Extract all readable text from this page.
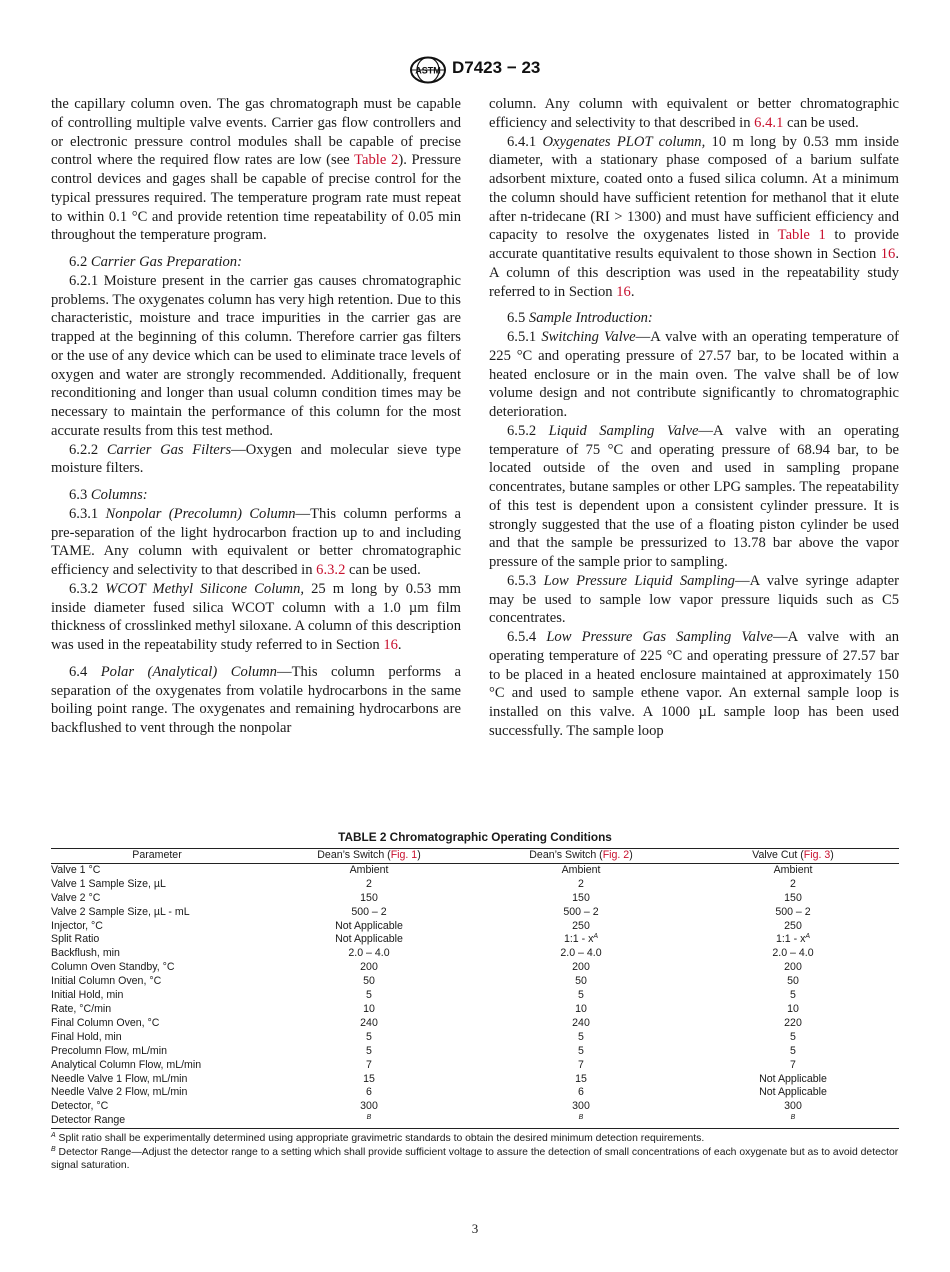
ASTM D7423 − 23

the capillary column oven. The gas chromatograph must be capable of controlling multiple valve events. Carrier gas flow controllers and or electronic pressure control modules shall be capable of precise control where the required flow rates are low (see Table 2). Pressure control devices and gages shall be capable of precise control for the typical pressures required. The temperature program rate must repeat to within 0.1 °C and provide retention time repeatability of 0.05 min throughout the temperature program.

6.2 Carrier Gas Preparation:

6.2.1 Moisture present in the carrier gas causes chromatographic problems. The oxygenates column has very high retention. Due to this characteristic, moisture and trace impurities in the carrier gas are trapped at the beginning of this column. Therefore carrier gas filters or the use of any device which can be used to eliminate trace levels of oxygen and water are strongly recommended. Additionally, frequent reconditioning and longer than usual column condition times may be necessary to maintain the performance of this column for the most accurate results from this test method.

6.2.2 Carrier Gas Filters—Oxygen and molecular sieve type moisture filters.

6.3 Columns:

6.3.1 Nonpolar (Precolumn) Column—This column performs a pre-separation of the light hydrocarbon fraction up to and including TAME. Any column with equivalent or better chromatographic efficiency and selectivity to that described in 6.3.2 can be used.

6.3.2 WCOT Methyl Silicone Column, 25 m long by 0.53 mm inside diameter fused silica WCOT column with a 1.0 µm film thickness of crosslinked methyl siloxane. A column of this description was used in the repeatability study referred to in Section 16.

6.4 Polar (Analytical) Column—This column performs a separation of the oxygenates from volatile hydrocarbons in the same boiling point range. The oxygenates and remaining hydrocarbons are backflushed to vent through the nonpolar

column. Any column with equivalent or better chromatographic efficiency and selectivity to that described in 6.4.1 can be used.

6.4.1 Oxygenates PLOT column, 10 m long by 0.53 mm inside diameter, with a stationary phase composed of a barium sulfate adsorbent mixture, coated onto a fused silica column. At a minimum the column should have sufficient retention for methanol that it elute after n-tridecane (RI > 1300) and must have sufficient efficiency and capacity to resolve the oxygenates listed in Table 1 to provide accurate quantitative results equivalent to those shown in Section 16. A column of this description was used in the repeatability study referred to in Section 16.

6.5 Sample Introduction:

6.5.1 Switching Valve—A valve with an operating temperature of 225 °C and operating pressure of 27.57 bar, to be located within a heated enclosure or in the main oven. The valve shall be of low volume design and not contribute significantly to chromatographic deterioration.

6.5.2 Liquid Sampling Valve—A valve with an operating temperature of 75 °C and operating pressure of 68.94 bar, to be located outside of the oven and used in sampling propane concentrates, butane samples or other LPG samples. The repeatability of this test is dependent upon a consistent cylinder pressure. It is strongly suggested that the use of a floating piston cylinder be used and that the sample be pressurized to 13.78 bar above the vapor pressure of the sample prior to sampling.

6.5.3 Low Pressure Liquid Sampling—A valve syringe adapter may be used to sample low vapor pressure liquids such as C5 concentrates.

6.5.4 Low Pressure Gas Sampling Valve—A valve with an operating temperature of 225 °C and operating pressure of 27.57 bar to be placed in a heated enclosure maintained at approximately 150 °C and used to sample ethene vapor. An external sample loop is installed on this valve. A 1000 µL sample loop has been used successfully. The sample loop

TABLE 2 Chromatographic Operating Conditions
Parameter	Dean’s Switch (Fig. 1)	Dean’s Switch (Fig. 2)	Valve Cut (Fig. 3)
Valve 1 °C	Ambient	Ambient	Ambient
Valve 1 Sample Size, µL	2	2	2
Valve 2 °C	150	150	150
Valve 2 Sample Size, µL - mL	500 – 2	500 – 2	500 – 2
Injector, °C	Not Applicable	250	250
Split Ratio	Not Applicable	1:1 - $x^A$	1:1 - $x^A$
Backflush, min	2.0 – 4.0	2.0 – 4.0	2.0 – 4.0
Column Oven Standby, °C	200	200	200
Initial Column Oven, °C	50	50	50
Initial Hold, min	5	5	5
Rate, °C/min	10	10	10
Final Column Oven, °C	240	240	220
Final Hold, min	5	5	5
Precolumn Flow, mL/min	5	5	5
Analytical Column Flow, mL/min	7	7	7
Needle Valve 1 Flow, mL/min	15	15	Not Applicable
Needle Valve 2 Flow, mL/min	6	6	Not Applicable
Detector, °C	300	300	300
Detector Range	$^B$	$^B$	$^B$
$^A$ Split ratio shall be experimentally determined using appropriate gravimetric standards to obtain the desired minimum detection requirements.
$^B$ Detector Range—Adjust the detector range to a setting which shall provide sufficient voltage to assure the detection of small concentrations of each oxygenate but as to avoid detector signal saturation.
3
